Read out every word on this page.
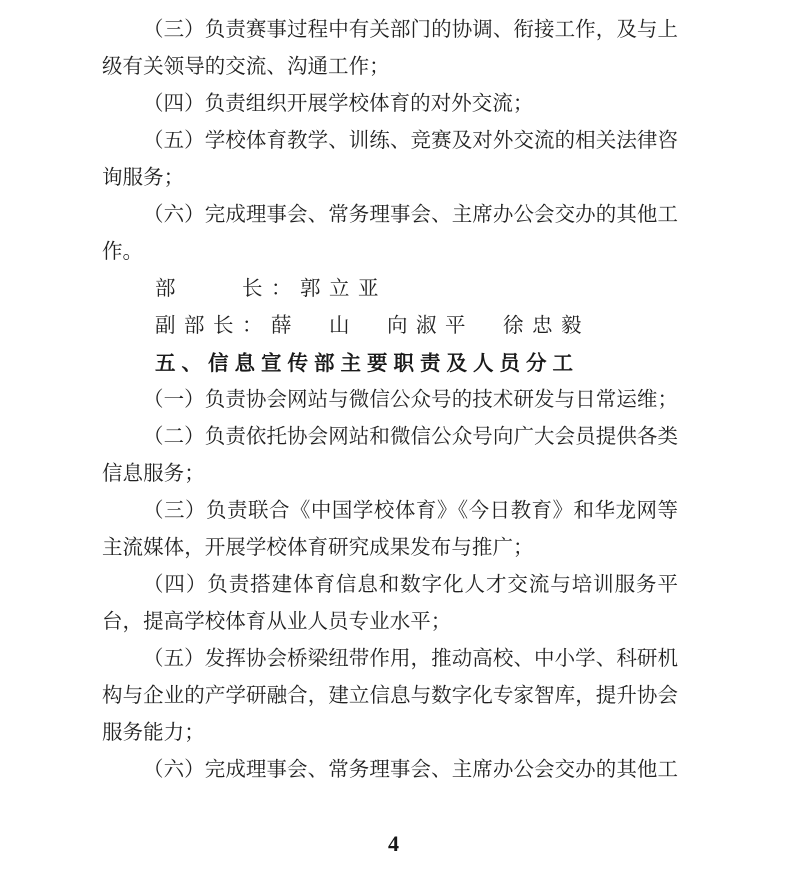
（三）负责赛事过程中有关部门的协调、衔接工作，及与上
级有关领导的交流、沟通工作；
（四）负责组织开展学校体育的对外交流；
（五）学校体育教学、训练、竞赛及对外交流的相关法律咨
询服务；
（六）完成理事会、常务理事会、主席办公会交办的其他工
作。
部　　长：郭立亚
副部长：薛　山　向淑平　徐忠毅
五、信息宣传部主要职责及人员分工
（一）负责协会网站与微信公众号的技术研发与日常运维；
（二）负责依托协会网站和微信公众号向广大会员提供各类
信息服务；
（三）负责联合《中国学校体育》《今日教育》和华龙网等
主流媒体，开展学校体育研究成果发布与推广；
（四）负责搭建体育信息和数字化人才交流与培训服务平
台，提高学校体育从业人员专业水平；
（五）发挥协会桥梁纽带作用，推动高校、中小学、科研机
构与企业的产学研融合，建立信息与数字化专家智库，提升协会
服务能力；
（六）完成理事会、常务理事会、主席办公会交办的其他工
4
